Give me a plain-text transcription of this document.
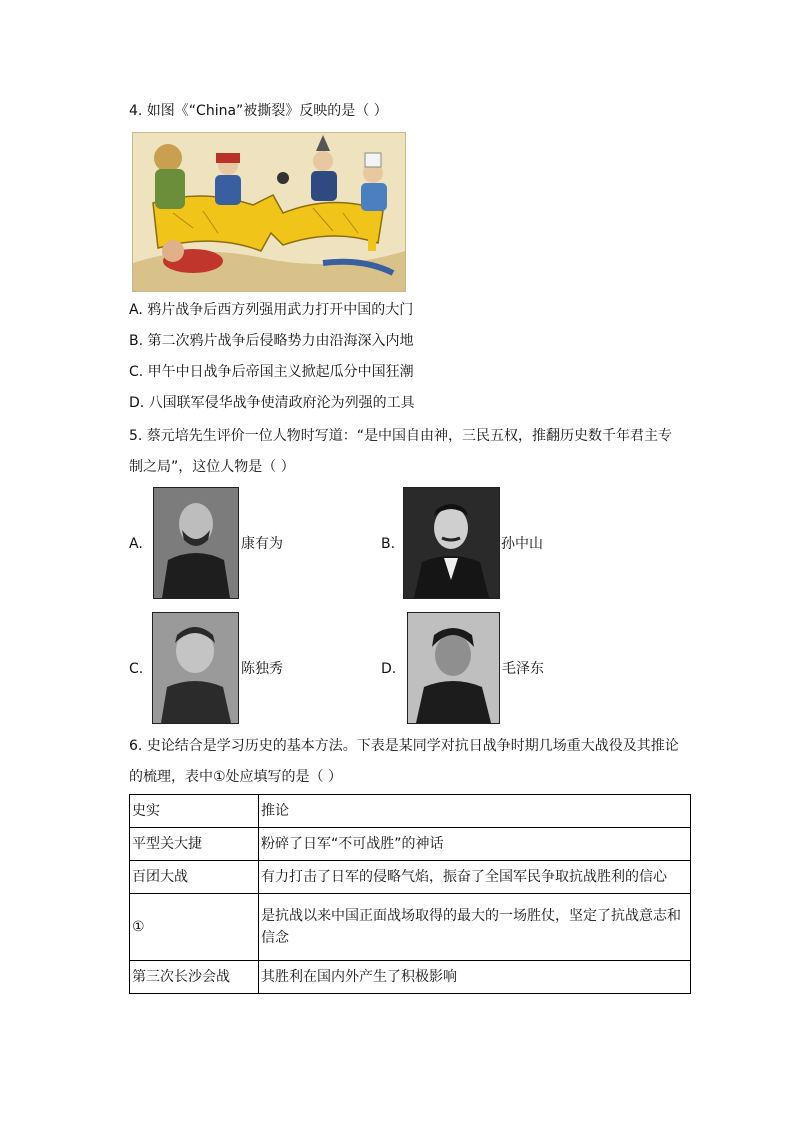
4. 如图《“China”被撕裂》反映的是（ ）
A. 鸦片战争后西方列强用武力打开中国的大门
B. 第二次鸦片战争后侵略势力由沿海深入内地
C. 甲午中日战争后帝国主义掀起瓜分中国狂潮
D. 八国联军侵华战争使清政府沦为列强的工具
5. 蔡元培先生评价一位人物时写道：“是中国自由神，三民五权，推翻历史数千年君主专
制之局”，这位人物是（ ）
A.	康有为	B.	孙中山
C.	陈独秀	D.	毛泽东
6. 史论结合是学习历史的基本方法。下表是某同学对抗日战争时期几场重大战役及其推论
的梳理，表中①处应填写的是（ ）
史实	推论
平型关大捷	粉碎了日军“不可战胜”的神话
百团大战	有力打击了日军的侵略气焰，振奋了全国军民争取抗战胜利的信心
①	是抗战以来中国正面战场取得的最大的一场胜仗，坚定了抗战意志和信念
第三次长沙会战	其胜利在国内外产生了积极影响
